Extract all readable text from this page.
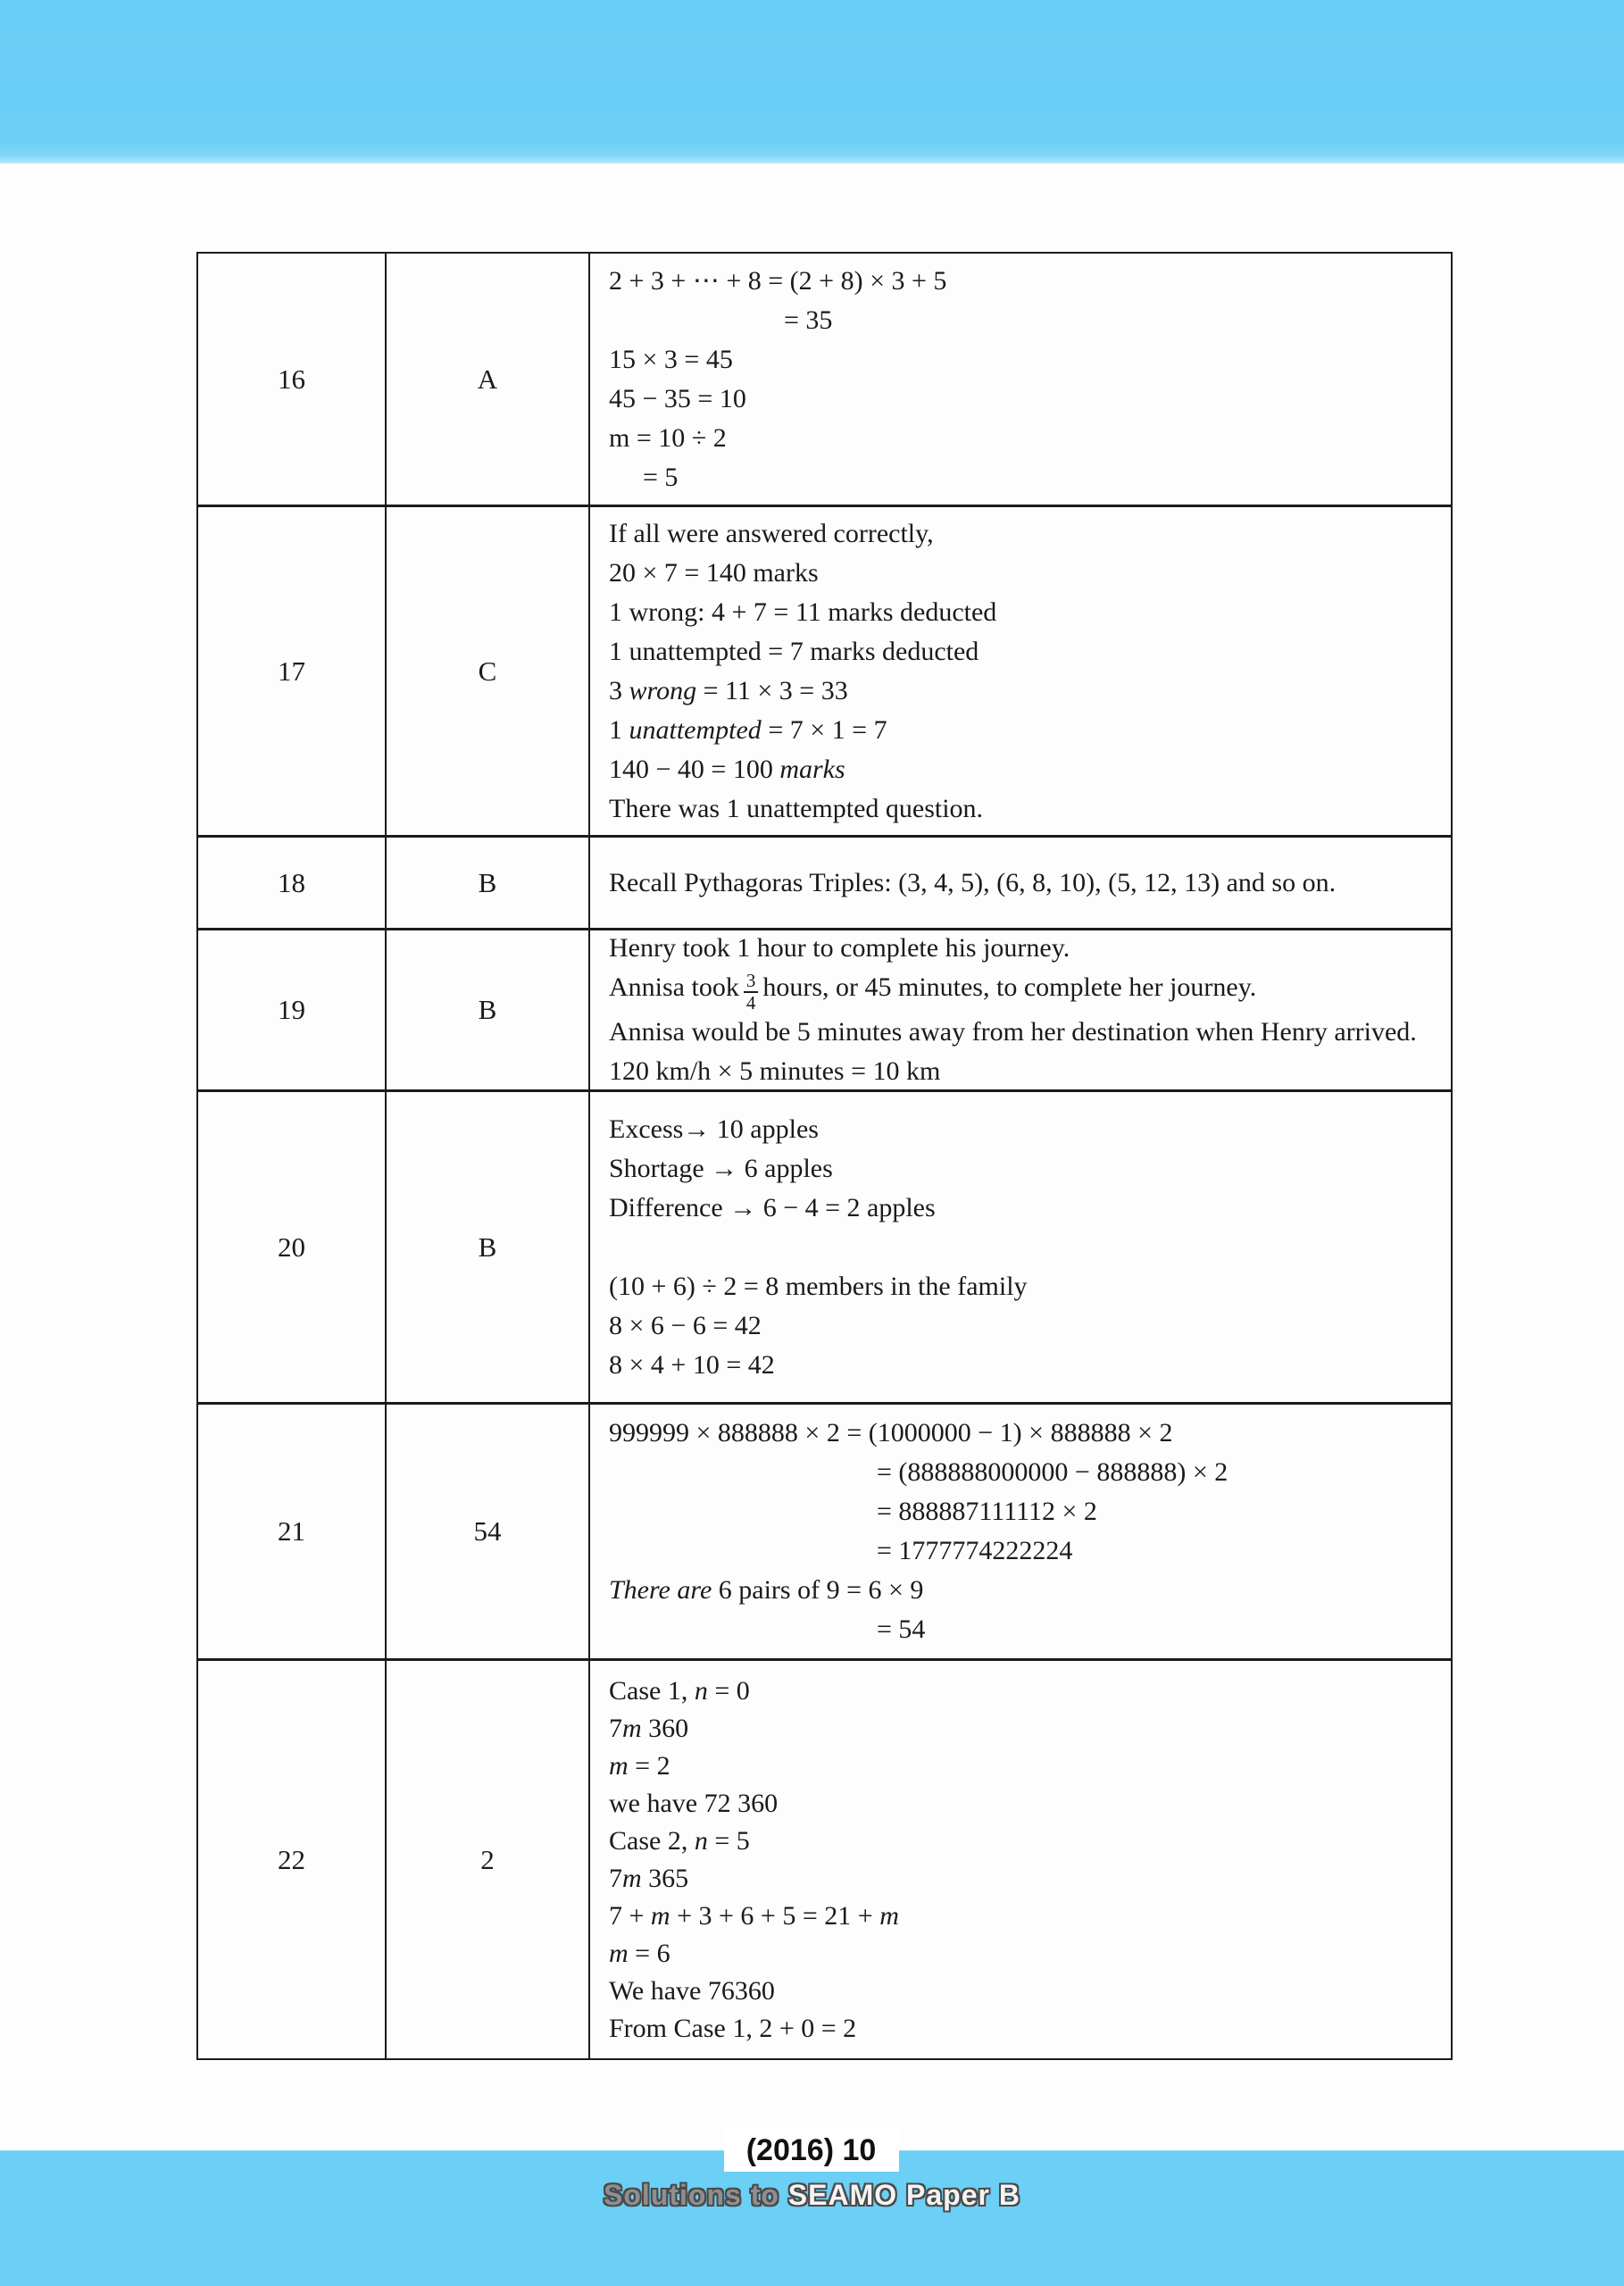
16	A
2 + 3 + ⋯ + 8 = (2 + 8) × 3 + 5
= 35
15 × 3 = 45
45 − 35 = 10
m = 10 ÷ 2
= 5
17	C
If all were answered correctly,
20 × 7 = 140 marks
1 wrong: 4 + 7 = 11 marks deducted
1 unattempted = 7 marks deducted
3 wrong = 11 × 3 = 33
1 unattempted = 7 × 1 = 7
140 − 40 = 100 marks
There was 1 unattempted question.
18	B	Recall Pythagoras Triples: (3, 4, 5), (6, 8, 10), (5, 12, 13) and so on.
19	B
Henry took 1 hour to complete his journey.
Annisa took $\frac{3}{4}$ hours, or 45 minutes, to complete her journey.
Annisa would be 5 minutes away from her destination when Henry arrived.
120 km/h × 5 minutes = 10 km
20	B
Excess→ 10 apples
Shortage → 6 apples
Difference → 6 − 4 = 2 apples

(10 + 6) ÷ 2 = 8 members in the family
8 × 6 − 6 = 42
8 × 4 + 10 = 42
21	54
999999 × 888888 × 2 = (1000000 − 1) × 888888 × 2
= (888888000000 − 888888) × 2
= 888887111112 × 2
= 1777774222224
There are 6 pairs of 9 = 6 × 9
= 54
22	2
Case 1, n = 0
7m 360
m = 2
we have 72 360
Case 2, n = 5
7m 365
7 + m + 3 + 6 + 5 = 21 + m
m = 6
We have 76360
From Case 1, 2 + 0 = 2
(2016) 10
Solutions to SEAMO Paper B
